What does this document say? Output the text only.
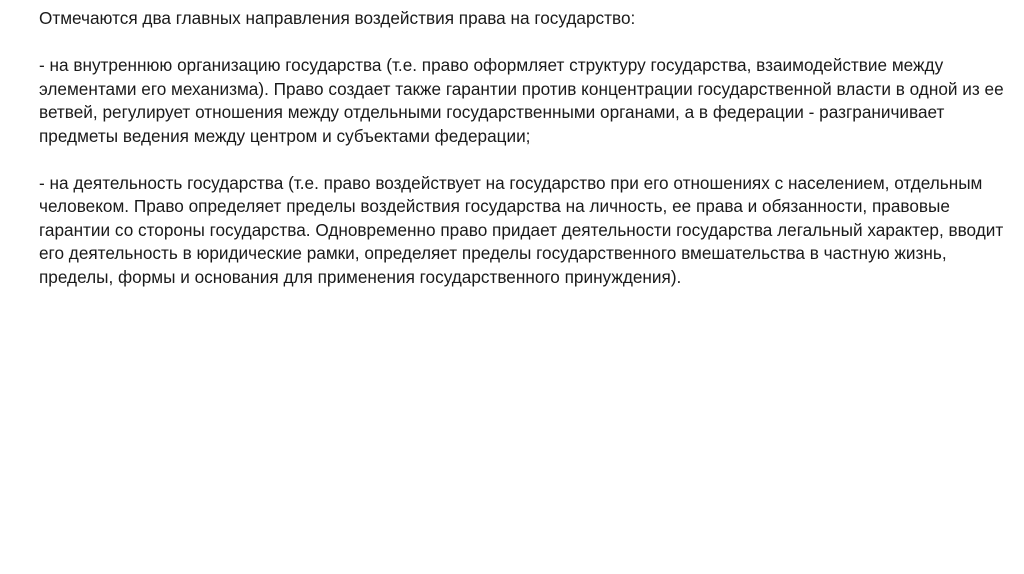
Отмечаются два главных направления воздействия права на государство:

- на внутреннюю организацию государства (т.е. право оформляет структуру государства, взаимодействие между элементами его механизма). Право создает также гарантии против концентрации государственной власти в одной из ее ветвей, регулирует отношения между отдельными государственными органами, а в федерации - разграничивает предметы ведения между центром и субъектами федерации;

- на деятельность государства (т.е. право воздействует на государство при его отношениях с населением, отдельным человеком. Право определяет пределы воздействия государства на личность, ее права и обязанности, правовые гарантии со стороны государства. Одновременно право придает деятельности государства легальный характер, вводит его деятельность в юридические рамки, определяет пределы государственного вмешательства в частную жизнь, пределы, формы и основания для применения государственного принуждения).
